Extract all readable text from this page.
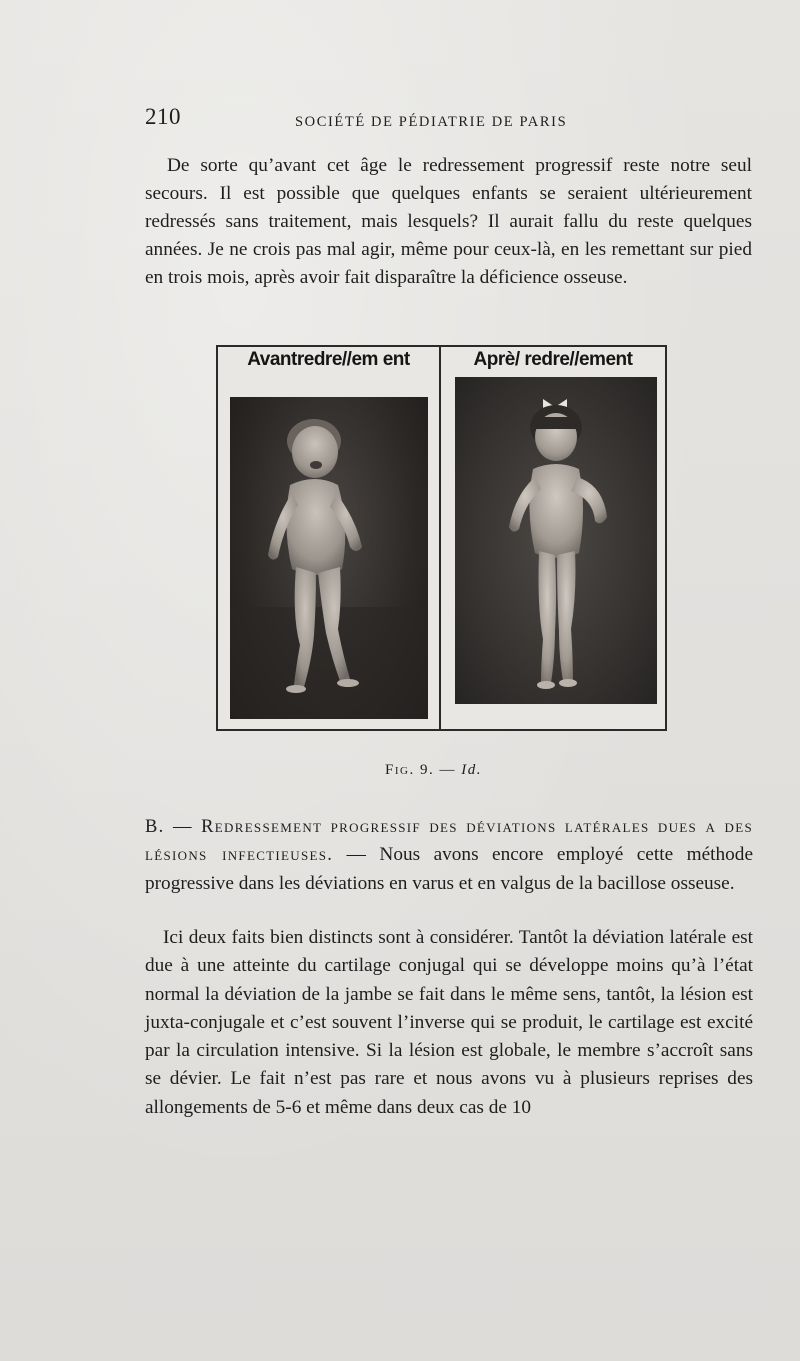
210	SOCIÉTÉ DE PÉDIATRIE DE PARIS

De sorte qu’avant cet âge le redressement progressif reste notre seul secours. Il est possible que quelques enfants se seraient ultérieurement redressés sans traitement, mais lesquels? Il aurait fallu du reste quelques années. Je ne crois pas mal agir, même pour ceux-là, en les remettant sur pied en trois mois, après avoir fait disparaître la déficience osseuse.

Avantredre//em ent	Aprè/ redre//ement
Fig. 9. — Id.

B. — Redressement progressif des déviations latérales dues a des lésions infectieuses. — Nous avons encore employé cette méthode progressive dans les déviations en varus et en valgus de la bacillose osseuse.

Ici deux faits bien distincts sont à considérer. Tantôt la déviation latérale est due à une atteinte du cartilage conjugal qui se développe moins qu’à l’état normal la déviation de la jambe se fait dans le même sens, tantôt, la lésion est juxta-conjugale et c’est souvent l’inverse qui se produit, le cartilage est excité par la circulation intensive. Si la lésion est globale, le membre s’accroît sans se dévier. Le fait n’est pas rare et nous avons vu à plusieurs reprises des allongements de 5-6 et même dans deux cas de 10
